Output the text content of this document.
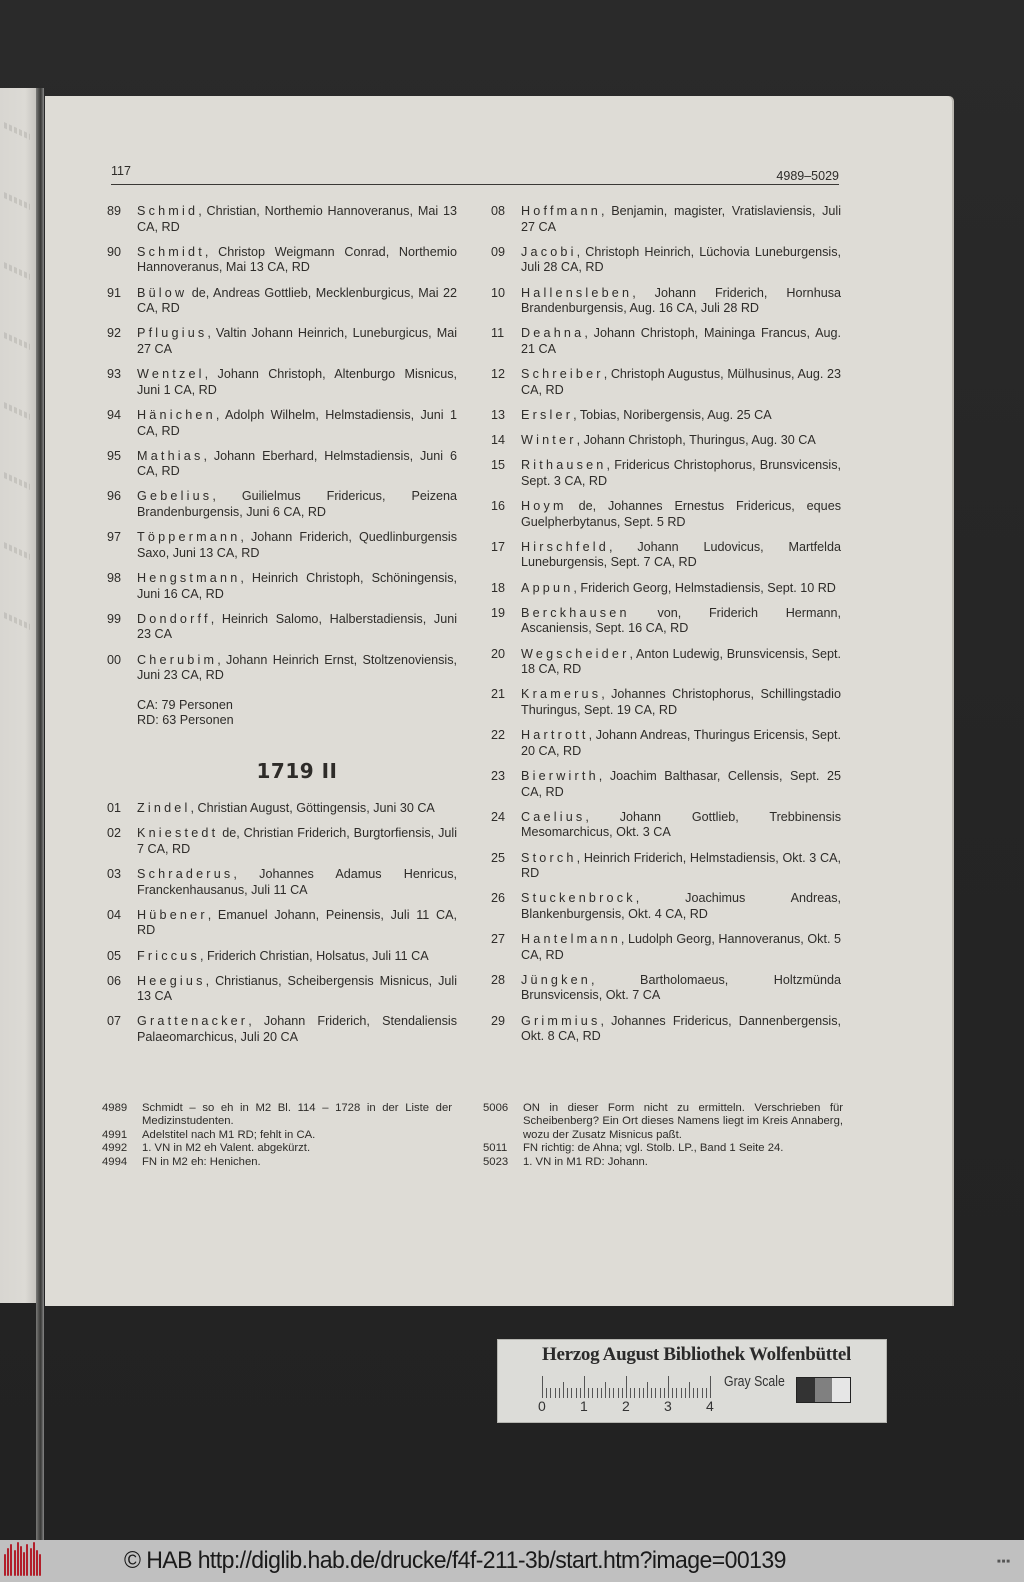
117	4989–5029
89	Schmid, Christian, Northemio Hannoveranus, Mai 13 CA, RD
90	Schmidt, Christop Weigmann Conrad, Northemio Hannoveranus, Mai 13 CA, RD
91	Bülow de, Andreas Gottlieb, Mecklenburgicus, Mai 22 CA, RD
92	Pflugius, Valtin Johann Heinrich, Luneburgicus, Mai 27 CA
93	Wentzel, Johann Christoph, Altenburgo Misnicus, Juni 1 CA, RD
94	Hänichen, Adolph Wilhelm, Helmstadiensis, Juni 1 CA, RD
95	Mathias, Johann Eberhard, Helmstadiensis, Juni 6 CA, RD
96	Gebelius, Guilielmus Fridericus, Peizena Brandenburgensis, Juni 6 CA, RD
97	Töppermann, Johann Friderich, Quedlinburgensis Saxo, Juni 13 CA, RD
98	Hengstmann, Heinrich Christoph, Schöningensis, Juni 16 CA, RD
99	Dondorff, Heinrich Salomo, Halberstadiensis, Juni 23 CA
00	Cherubim, Johann Heinrich Ernst, Stoltzenoviensis, Juni 23 CA, RD
CA: 79 Personen
RD: 63 Personen
1719 II
01	Zindel, Christian August, Göttingensis, Juni 30 CA
02	Kniestedt de, Christian Friderich, Burgtorfiensis, Juli 7 CA, RD
03	Schraderus, Johannes Adamus Henricus, Franckenhausanus, Juli 11 CA
04	Hübener, Emanuel Johann, Peinensis, Juli 11 CA, RD
05	Friccus, Friderich Christian, Holsatus, Juli 11 CA
06	Heegius, Christianus, Scheibergensis Misnicus, Juli 13 CA
07	Grattenacker, Johann Friderich, Stendaliensis Palaeomarchicus, Juli 20 CA
08	Hoffmann, Benjamin, magister, Vratislaviensis, Juli 27 CA
09	Jacobi, Christoph Heinrich, Lüchovia Luneburgensis, Juli 28 CA, RD
10	Hallensleben, Johann Friderich, Hornhusa Brandenburgensis, Aug. 16 CA, Juli 28 RD
11	Deahna, Johann Christoph, Maininga Francus, Aug. 21 CA
12	Schreiber, Christoph Augustus, Mülhusinus, Aug. 23 CA, RD
13	Ersler, Tobias, Noribergensis, Aug. 25 CA
14	Winter, Johann Christoph, Thuringus, Aug. 30 CA
15	Rithausen, Fridericus Christophorus, Brunsvicensis, Sept. 3 CA, RD
16	Hoym de, Johannes Ernestus Fridericus, eques Guelpherbytanus, Sept. 5 RD
17	Hirschfeld, Johann Ludovicus, Martfelda Luneburgensis, Sept. 7 CA, RD
18	Appun, Friderich Georg, Helmstadiensis, Sept. 10 RD
19	Berckhausen von, Friderich Hermann, Ascaniensis, Sept. 16 CA, RD
20	Wegscheider, Anton Ludewig, Brunsvicensis, Sept. 18 CA, RD
21	Kramerus, Johannes Christophorus, Schillingstadio Thuringus, Sept. 19 CA, RD
22	Hartrott, Johann Andreas, Thuringus Ericensis, Sept. 20 CA, RD
23	Bierwirth, Joachim Balthasar, Cellensis, Sept. 25 CA, RD
24	Caelius, Johann Gottlieb, Trebbinensis Mesomarchicus, Okt. 3 CA
25	Storch, Heinrich Friderich, Helmstadiensis, Okt. 3 CA, RD
26	Stuckenbrock, Joachimus Andreas, Blankenburgensis, Okt. 4 CA, RD
27	Hantelmann, Ludolph Georg, Hannoveranus, Okt. 5 CA, RD
28	Jüngken, Bartholomaeus, Holtzmünda Brunsvicensis, Okt. 7 CA
29	Grimmius, Johannes Fridericus, Dannenbergensis, Okt. 8 CA, RD
4989 Schmidt – so eh in M2 Bl. 114 – 1728 in der Liste der Medizinstudenten.
4991 Adelstitel nach M1 RD; fehlt in CA.
4992 1. VN in M2 eh Valent. abgekürzt.
4994 FN in M2 eh: Henichen.
5006 ON in dieser Form nicht zu ermitteln. Verschrieben für Scheibenberg? Ein Ort dieses Namens liegt im Kreis Annaberg, wozu der Zusatz Misnicus paßt.
5011 FN richtig: de Ahna; vgl. Stolb. LP., Band 1 Seite 24.
5023 1. VN in M1 RD: Johann.
Herzog August Bibliothek Wolfenbüttel
0 1 2 3 4
Gray Scale
© HAB http://diglib.hab.de/drucke/f4f-211-3b/start.htm?image=00139	■■■
